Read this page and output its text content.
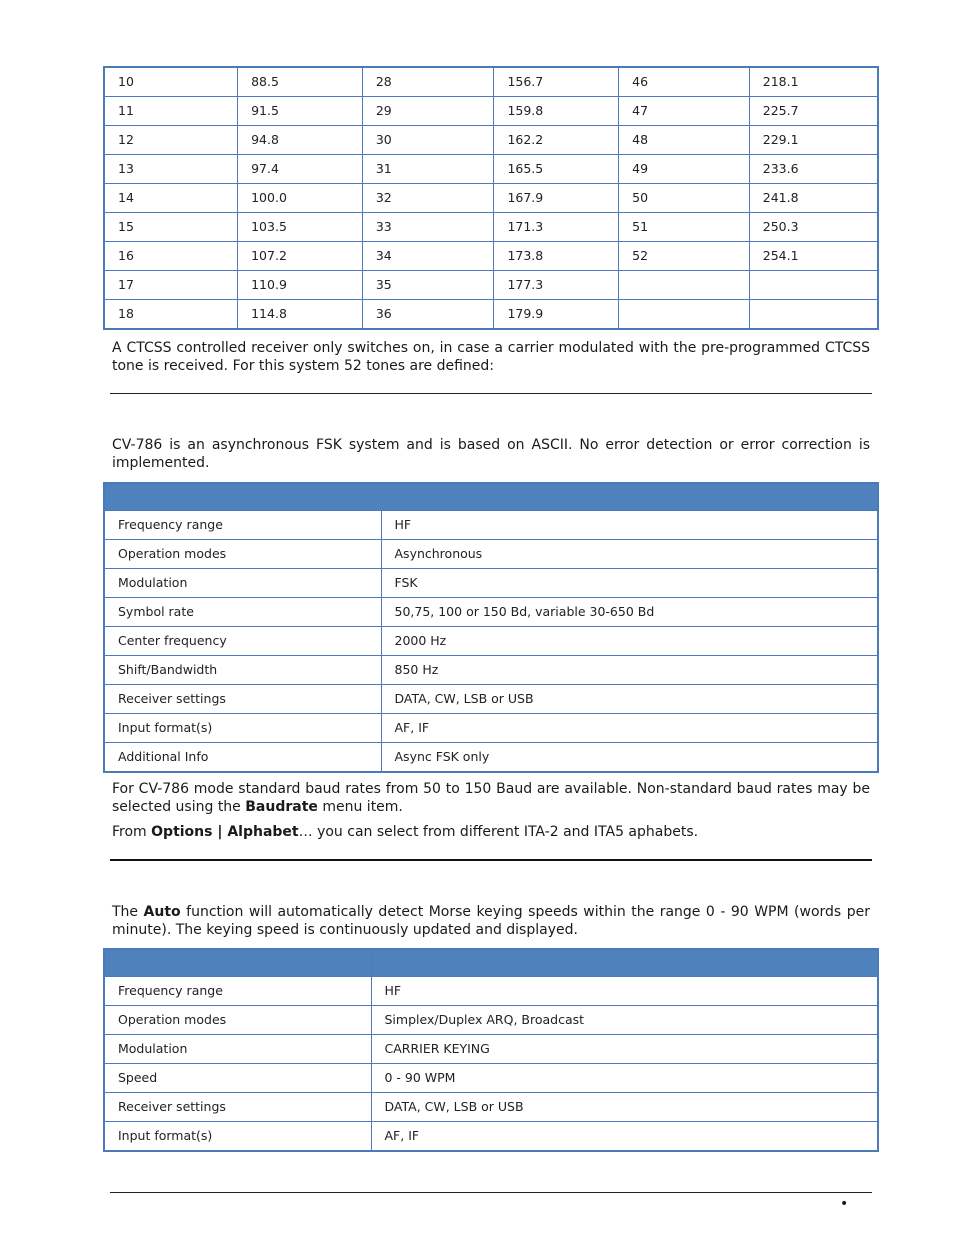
10	88.5	28	156.7	46	218.1
11	91.5	29	159.8	47	225.7
12	94.8	30	162.2	48	229.1
13	97.4	31	165.5	49	233.6
14	100.0	32	167.9	50	241.8
15	103.5	33	171.3	51	250.3
16	107.2	34	173.8	52	254.1
17	110.9	35	177.3		
18	114.8	36	179.9		

A CTCSS controlled receiver only switches on, in case a carrier modulated with the pre-programmed CTCSS tone is received. For this system 52 tones are defined:

CV-786 is an asynchronous FSK system and is based on ASCII. No error detection or error correction is implemented.

Frequency range	HF
Operation modes	Asynchronous
Modulation	FSK
Symbol rate	50,75, 100 or 150 Bd, variable 30-650 Bd
Center frequency	2000 Hz
Shift/Bandwidth	850 Hz
Receiver settings	DATA, CW, LSB or USB
Input format(s)	AF, IF
Additional Info	Async FSK only

For CV-786 mode standard baud rates from 50 to 150 Baud are available. Non-standard baud rates may be selected using the Baudrate menu item.

From Options | Alphabet… you can select from different ITA-2 and ITA5 aphabets.

The Auto function will automatically detect Morse keying speeds within the range 0 - 90 WPM (words per minute). The keying speed is continuously updated and displayed.

Frequency range	HF
Operation modes	Simplex/Duplex ARQ, Broadcast
Modulation	CARRIER KEYING
Speed	0 - 90 WPM
Receiver settings	DATA, CW, LSB or USB
Input format(s)	AF, IF
•
